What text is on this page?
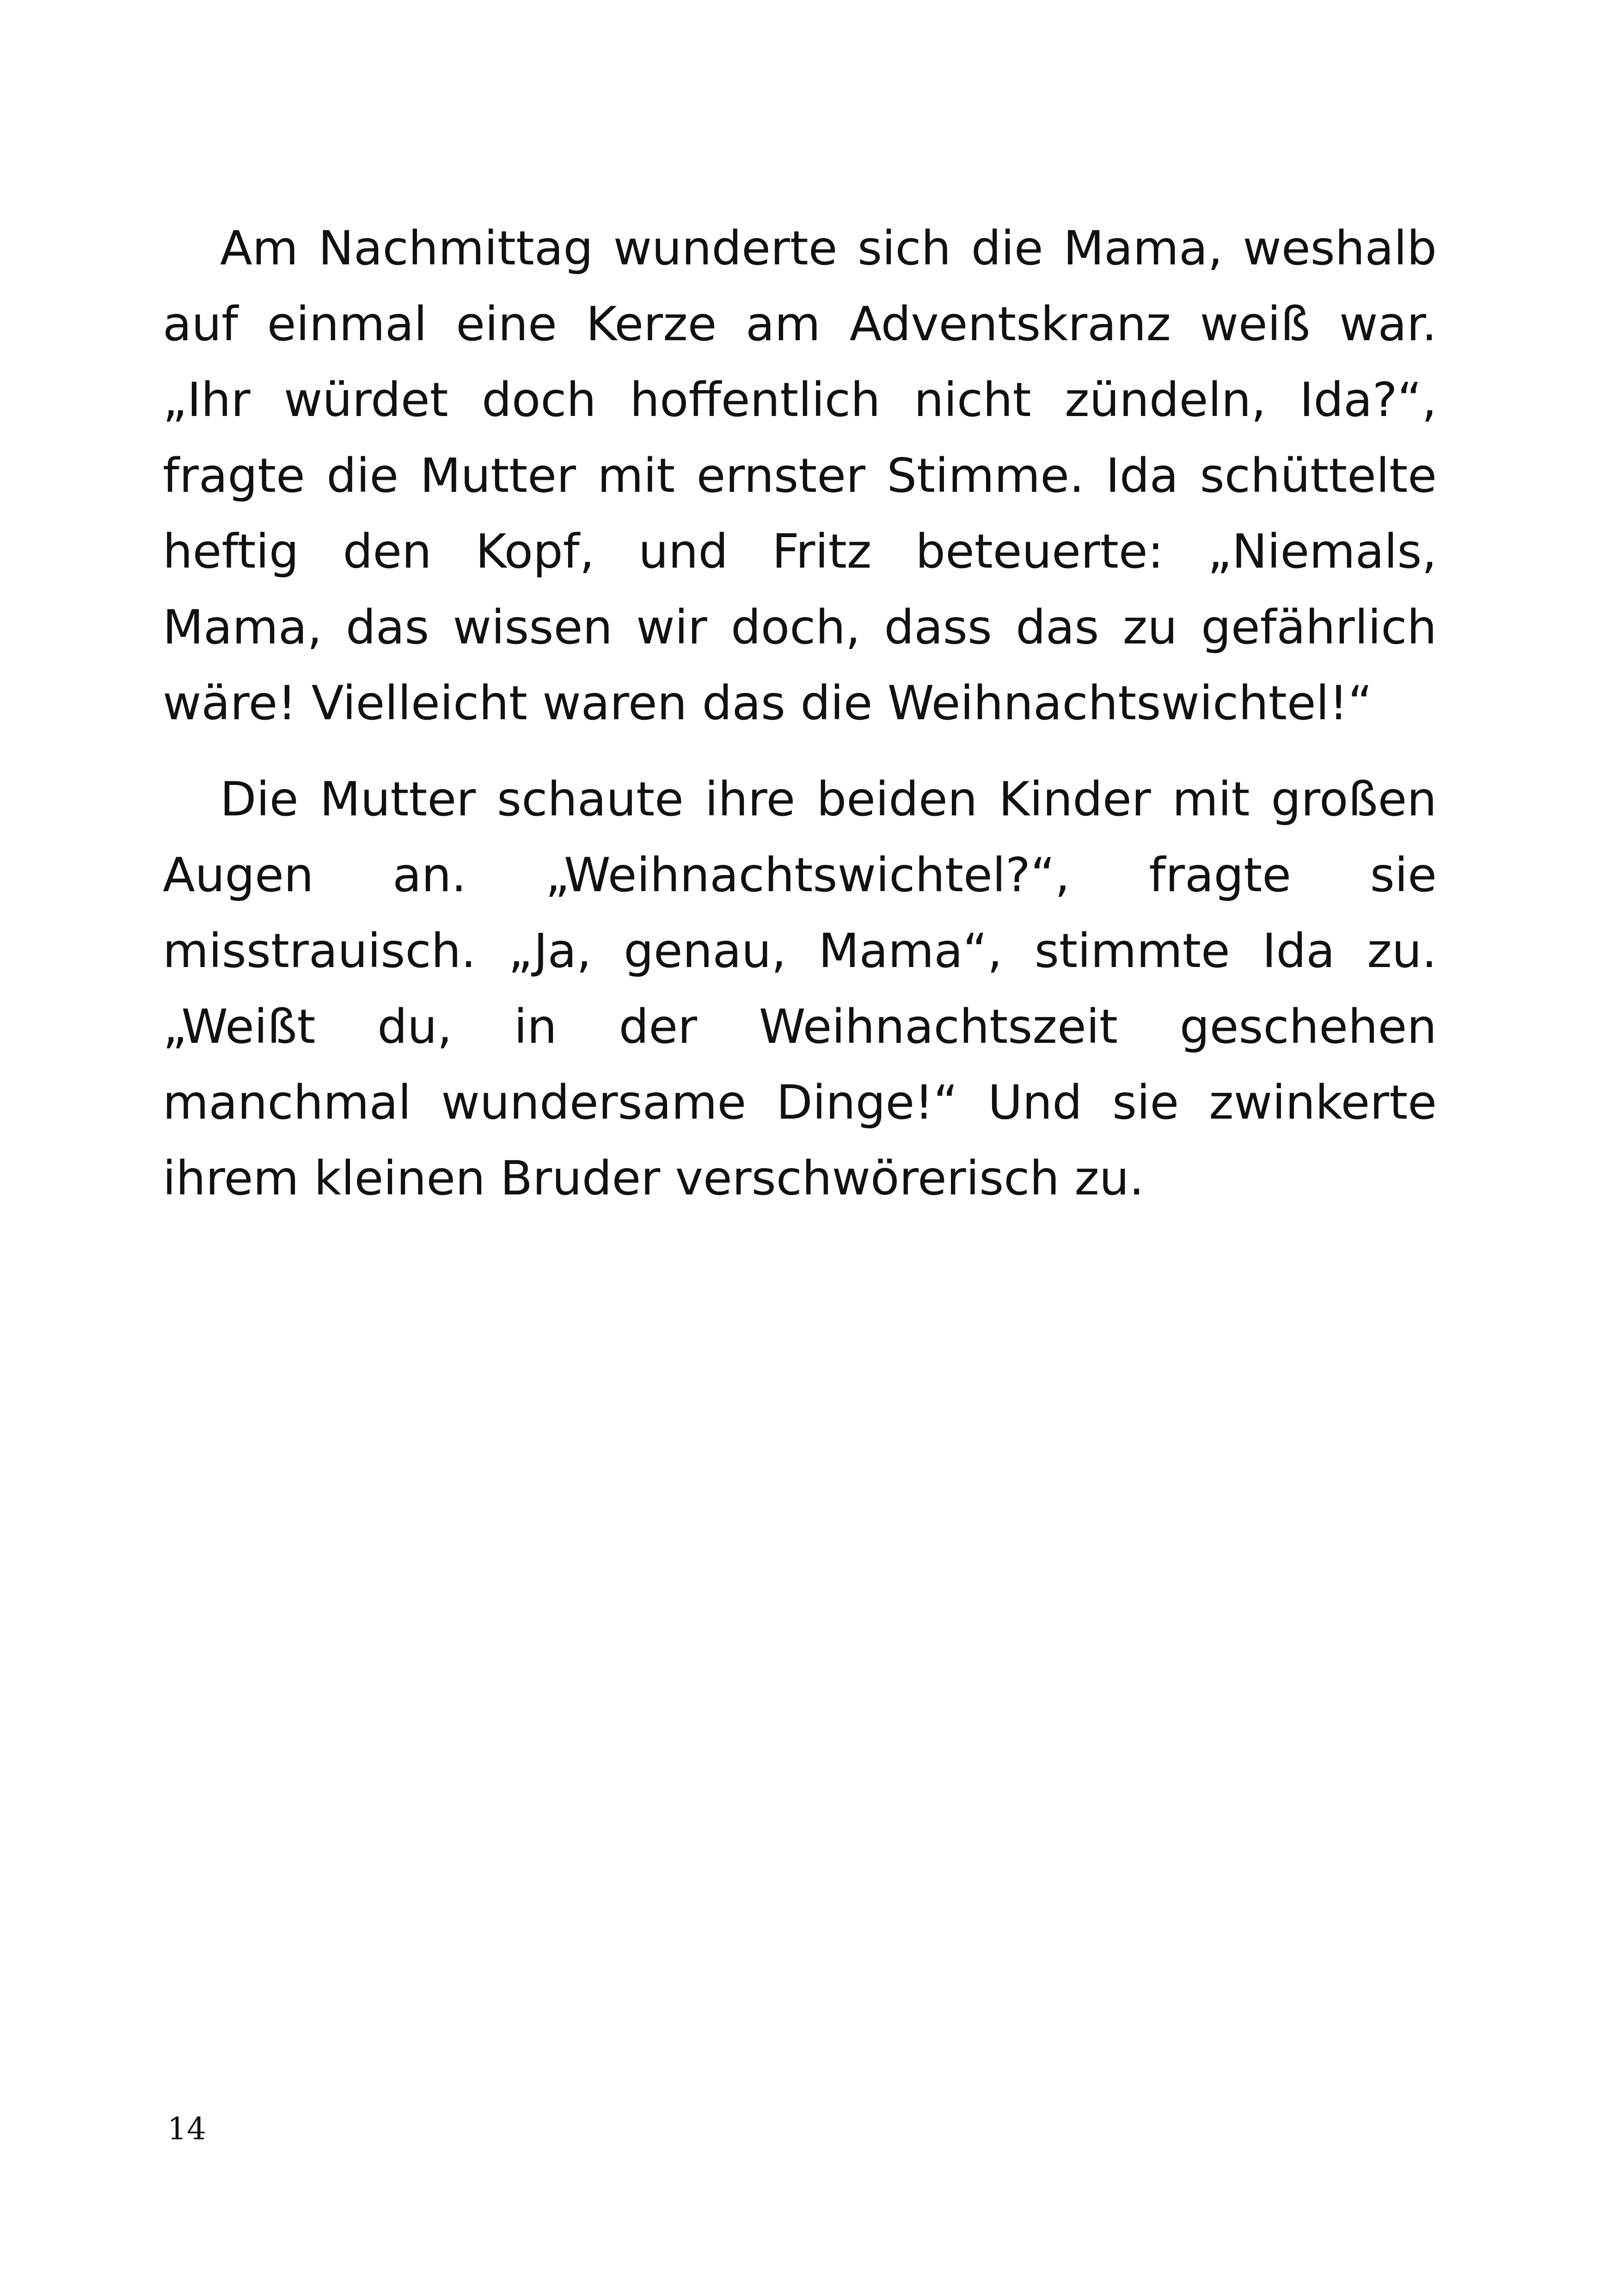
Am Nachmittag wunderte sich die Mama, weshalb auf einmal eine Kerze am Adventskranz weiß war. „Ihr würdet doch hoffentlich nicht zündeln, Ida?“, fragte die Mutter mit ernster Stimme. Ida schüttelte heftig den Kopf, und Fritz beteuerte: „Niemals, Mama, das wissen wir doch, dass das zu gefährlich wäre! Vielleicht waren das die Weihnachtswichtel!“

Die Mutter schaute ihre beiden Kinder mit großen Augen an. „Weihnachtswichtel?“, fragte sie misstrauisch. „Ja, genau, Mama“, stimmte Ida zu. „Weißt du, in der Weihnachtszeit geschehen manchmal wundersame Dinge!“ Und sie zwinkerte ihrem kleinen Bruder verschwörerisch zu.

14
